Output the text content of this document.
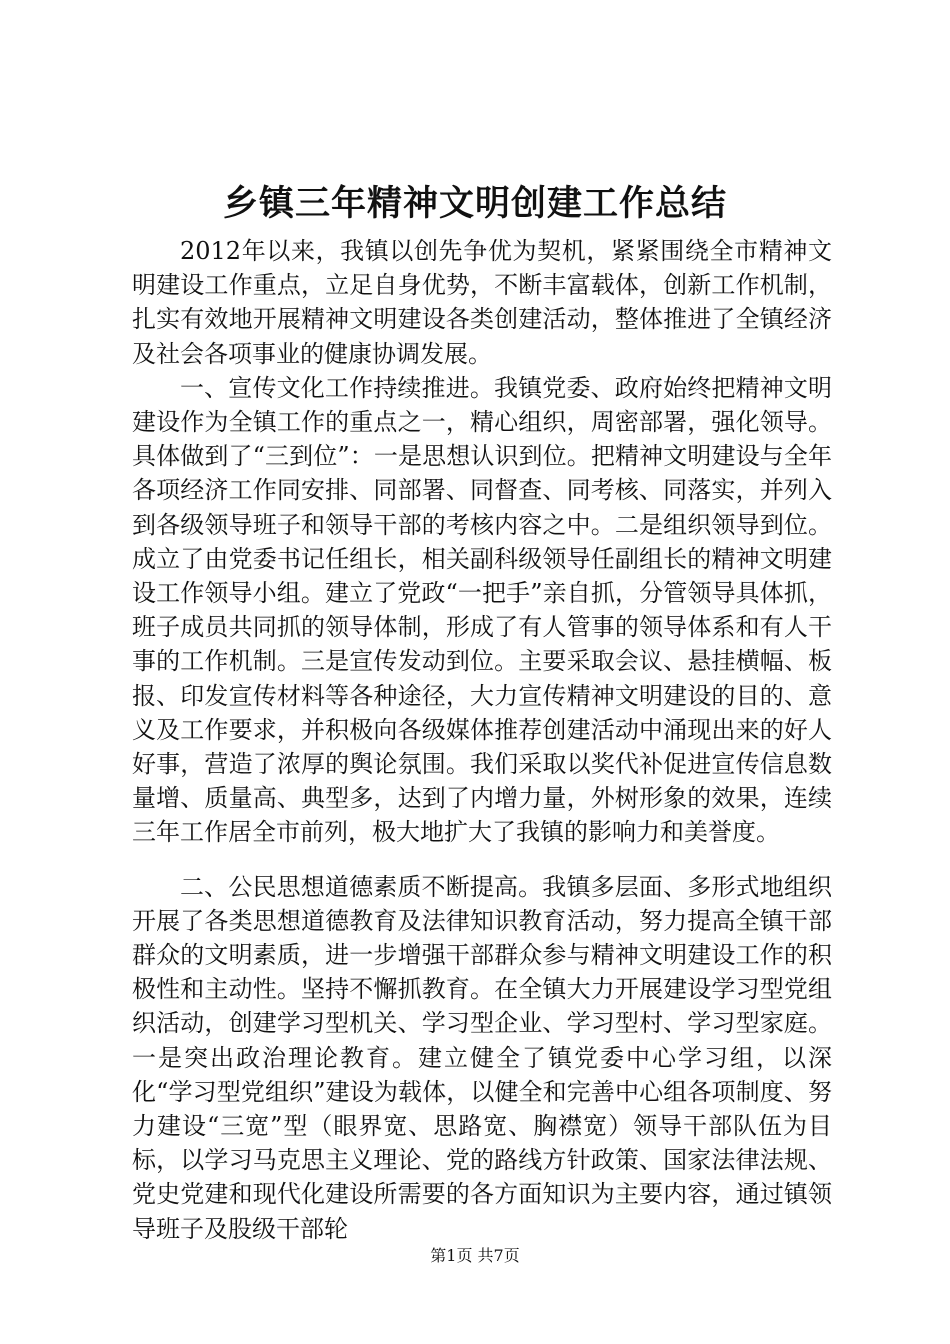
乡镇三年精神文明创建工作总结

2012年以来，我镇以创先争优为契机，紧紧围绕全市精神文明建设工作重点，立足自身优势，不断丰富载体，创新工作机制，扎实有效地开展精神文明建设各类创建活动，整体推进了全镇经济及社会各项事业的健康协调发展。

一、宣传文化工作持续推进。我镇党委、政府始终把精神文明建设作为全镇工作的重点之一，精心组织，周密部署，强化领导。具体做到了“三到位”：一是思想认识到位。把精神文明建设与全年各项经济工作同安排、同部署、同督查、同考核、同落实，并列入到各级领导班子和领导干部的考核内容之中。二是组织领导到位。成立了由党委书记任组长，相关副科级领导任副组长的精神文明建设工作领导小组。建立了党政“一把手”亲自抓，分管领导具体抓，班子成员共同抓的领导体制，形成了有人管事的领导体系和有人干事的工作机制。三是宣传发动到位。主要采取会议、悬挂横幅、板报、印发宣传材料等各种途径，大力宣传精神文明建设的目的、意义及工作要求，并积极向各级媒体推荐创建活动中涌现出来的好人好事，营造了浓厚的舆论氛围。我们采取以奖代补促进宣传信息数量增、质量高、典型多，达到了内增力量，外树形象的效果，连续三年工作居全市前列，极大地扩大了我镇的影响力和美誉度。

二、公民思想道德素质不断提高。我镇多层面、多形式地组织开展了各类思想道德教育及法律知识教育活动，努力提高全镇干部群众的文明素质，进一步增强干部群众参与精神文明建设工作的积极性和主动性。坚持不懈抓教育。在全镇大力开展建设学习型党组织活动，创建学习型机关、学习型企业、学习型村、学习型家庭。一是突出政治理论教育。建立健全了镇党委中心学习组，以深化“学习型党组织”建设为载体，以健全和完善中心组各项制度、努力建设“三宽”型（眼界宽、思路宽、胸襟宽）领导干部队伍为目标，以学习马克思主义理论、党的路线方针政策、国家法律法规、党史党建和现代化建设所需要的各方面知识为主要内容，通过镇领导班子及股级干部轮

第1页 共7页
